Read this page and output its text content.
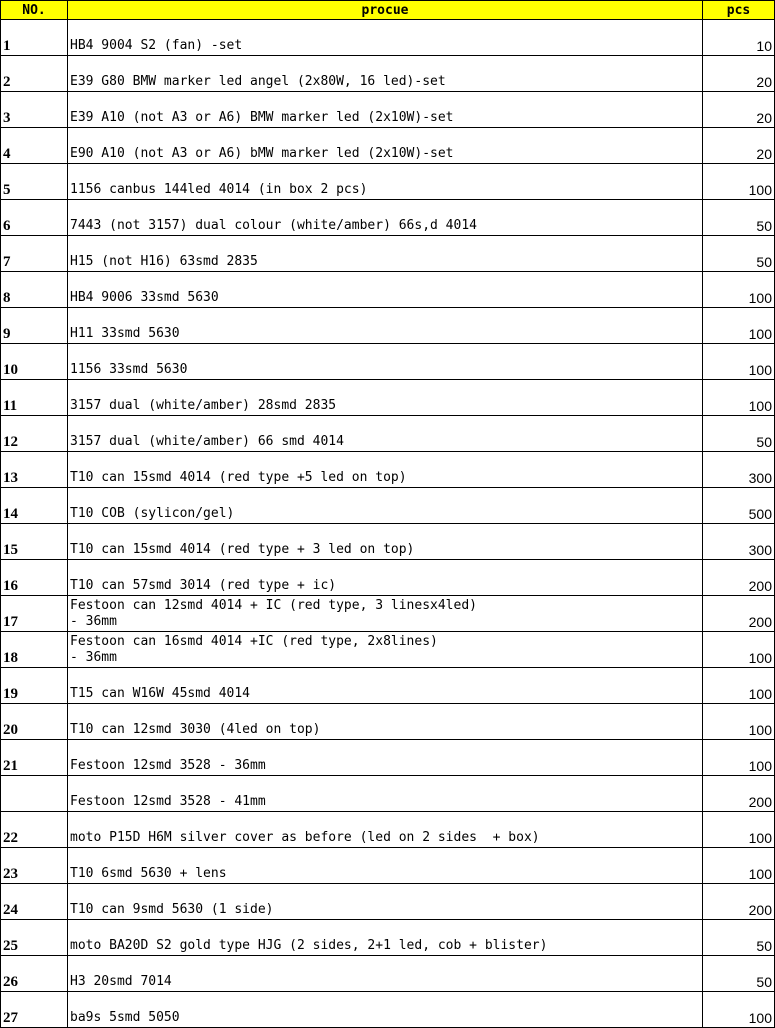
NO.	procue	pcs
1	HB4 9004 S2 (fan) -set	10
2	E39 G80 BMW marker led angel (2x80W, 16 led)-set	20
3	E39 A10 (not A3 or A6) BMW marker led (2x10W)-set	20
4	E90 A10 (not A3 or A6) bMW marker led (2x10W)-set	20
5	1156 canbus 144led 4014 (in box 2 pcs)	100
6	7443 (not 3157) dual colour (white/amber) 66s,d 4014	50
7	H15 (not H16) 63smd 2835	50
8	HB4 9006 33smd 5630	100
9	H11 33smd 5630	100
10	1156 33smd 5630	100
11	3157 dual (white/amber) 28smd 2835	100
12	3157 dual (white/amber) 66 smd 4014	50
13	T10 can 15smd 4014 (red type +5 led on top)	300
14	T10 COB (sylicon/gel)	500
15	T10 can 15smd 4014 (red type + 3 led on top)	300
16	T10 can 57smd 3014 (red type + ic)	200
17	Festoon can 12smd 4014 + IC (red type, 3 linesx4led)
- 36mm	200
18	Festoon can 16smd 4014 +IC (red type, 2x8lines)
- 36mm	100
19	T15 can W16W 45smd 4014	100
20	T10 can 12smd 3030 (4led on top)	100
21	Festoon 12smd 3528 - 36mm	100
	Festoon 12smd 3528 - 41mm	200
22	moto P15D H6M silver cover as before (led on 2 sides  + box)	100
23	T10 6smd 5630 + lens	100
24	T10 can 9smd 5630 (1 side)	200
25	moto BA20D S2 gold type HJG (2 sides, 2+1 led, cob + blister)	50
26	H3 20smd 7014	50
27	ba9s 5smd 5050	100
